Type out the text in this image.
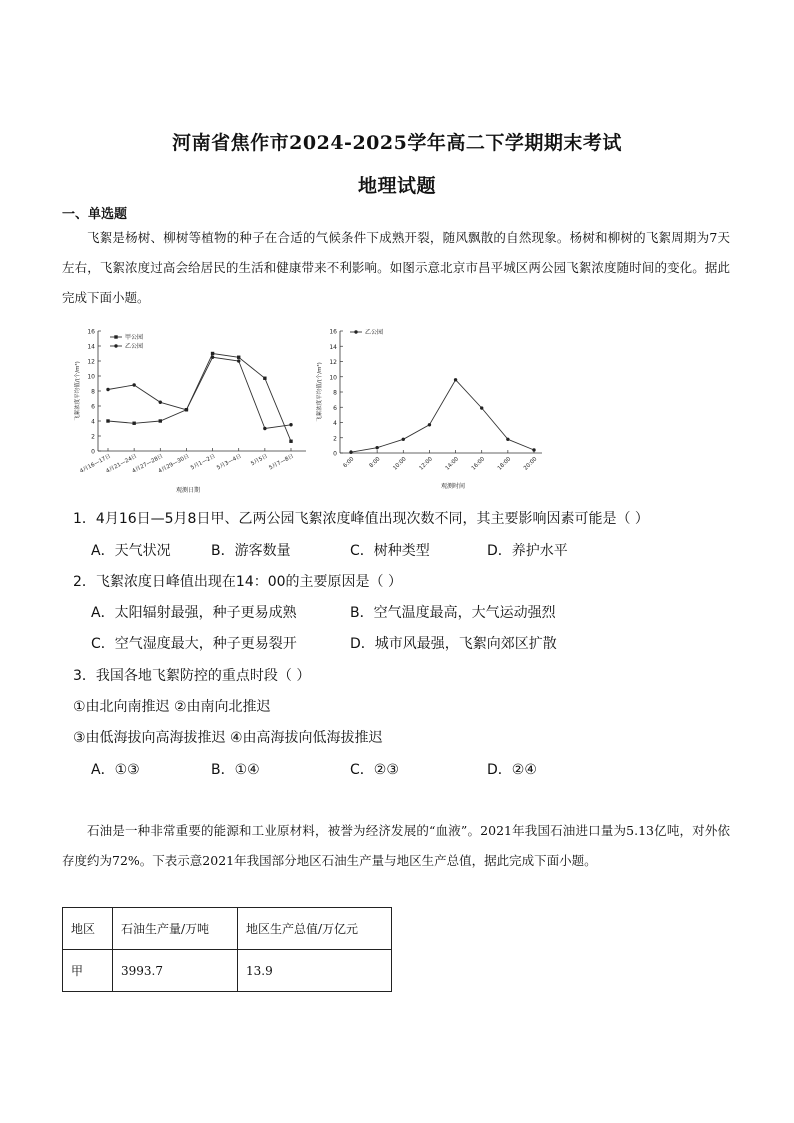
河南省焦作市2024-2025学年高二下学期期末考试
地理试题
一、单选题
飞絮是杨树、柳树等植物的种子在合适的气候条件下成熟开裂，随风飘散的自然现象。杨树和柳树的飞絮周期为7天左右，飞絮浓度过高会给居民的生活和健康带来不利影响。如图示意北京市昌平城区两公园飞絮浓度随时间的变化。据此完成下面小题。
0
2
4
6
8
10
12
14
16
飞絮浓度平均值/(个/m³)
4月16—17日
4月21—24日
4月27—28日
4月29—30日 5月1—2日 5月3—4日 5月5日 5月7—8日
观测日期
甲公园
乙公园
0
2
4
6
8
10
12
14
16
飞絮浓度平均值/(个/m³)
6:00 8:00 10:00 12:00 14:00 16:00 18:00 20:00
观测时间
乙公园
1．4月16日—5月8日甲、乙两公园飞絮浓度峰值出现次数不同，其主要影响因素可能是（ ）
A．天气状况	B．游客数量	C．树种类型	D．养护水平
2．飞絮浓度日峰值出现在14：00的主要原因是（ ）
A．太阳辐射最强，种子更易成熟	B．空气温度最高，大气运动强烈
C．空气湿度最大，种子更易裂开	D．城市风最强，飞絮向郊区扩散
3．我国各地飞絮防控的重点时段（ ）
①由北向南推迟 ②由南向北推迟
③由低海拔向高海拔推迟 ④由高海拔向低海拔推迟
A．①③	B．①④	C．②③	D．②④
石油是一种非常重要的能源和工业原材料，被誉为经济发展的“血液”。2021年我国石油进口量为5.13亿吨，对外依存度约为72%。下表示意2021年我国部分地区石油生产量与地区生产总值，据此完成下面小题。
地区	石油生产量/万吨	地区生产总值/万亿元
甲	3993.7	13.9
